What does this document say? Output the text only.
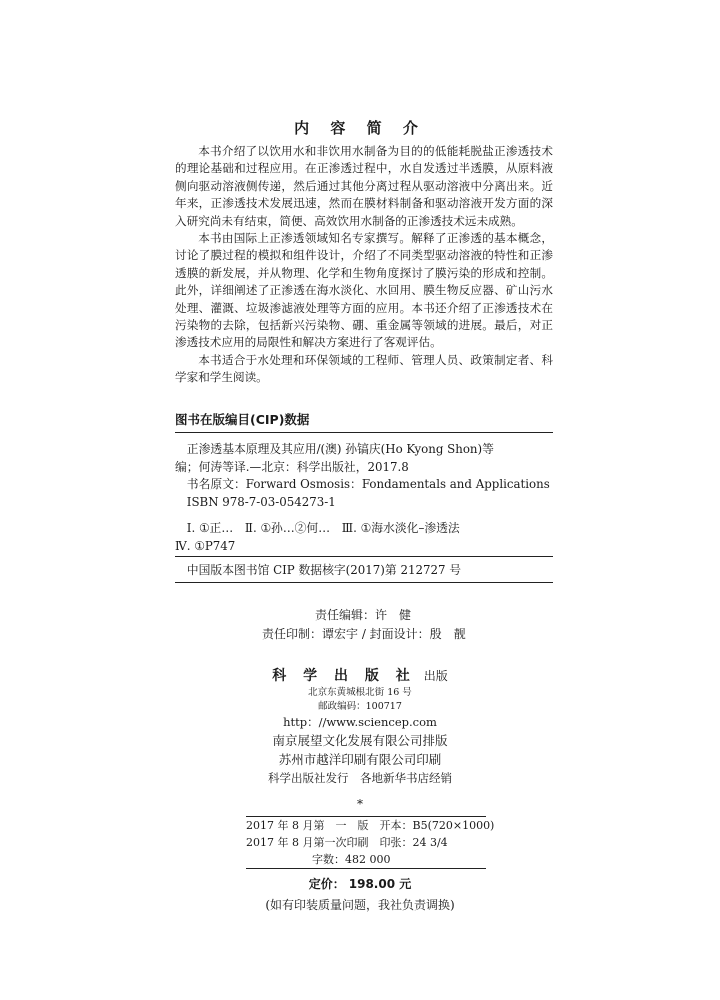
内 容 简 介

本书介绍了以饮用水和非饮用水制备为目的的低能耗脱盐正渗透技术的理论基础和过程应用。在正渗透过程中，水自发透过半透膜，从原料液侧向驱动溶液侧传递，然后通过其他分离过程从驱动溶液中分离出来。近年来，正渗透技术发展迅速，然而在膜材料制备和驱动溶液开发方面的深入研究尚未有结束，简便、高效饮用水制备的正渗透技术远未成熟。

本书由国际上正渗透领域知名专家撰写。解释了正渗透的基本概念，讨论了膜过程的模拟和组件设计，介绍了不同类型驱动溶液的特性和正渗透膜的新发展，并从物理、化学和生物角度探讨了膜污染的形成和控制。此外，详细阐述了正渗透在海水淡化、水回用、膜生物反应器、矿山污水处理、灌溉、垃圾渗滤液处理等方面的应用。本书还介绍了正渗透技术在污染物的去除，包括新兴污染物、硼、重金属等领域的进展。最后，对正渗透技术应用的局限性和解决方案进行了客观评估。

本书适合于水处理和环保领域的工程师、管理人员、政策制定者、科学家和学生阅读。

图书在版编目(CIP)数据
正渗透基本原理及其应用/(澳) 孙镐庆(Ho Kyong Shon)等
编；何涛等译.—北京：科学出版社，2017.8
书名原文：Forward Osmosis：Fondamentals and Applications
ISBN 978-7-03-054273-1
Ⅰ. ①正…　Ⅱ. ①孙…②何…　Ⅲ. ①海水淡化–渗透法
Ⅳ. ①P747
中国版本图书馆 CIP 数据核字(2017)第 212727 号
责任编辑：许　健
责任印制：谭宏宇 / 封面设计：殷　靓
科 学 出 版 社 出版
北京东黄城根北街 16 号
邮政编码：100717
http：//www.sciencep.com
南京展望文化发展有限公司排版
苏州市越洋印刷有限公司印刷
科学出版社发行　各地新华书店经销
*
2017 年 8 月第　一　版　开本：B5(720×1000)
2017 年 8 月第一次印刷　印张：24 3/4
字数：482 000
定价： 198.00 元
(如有印装质量问题，我社负责调换)
